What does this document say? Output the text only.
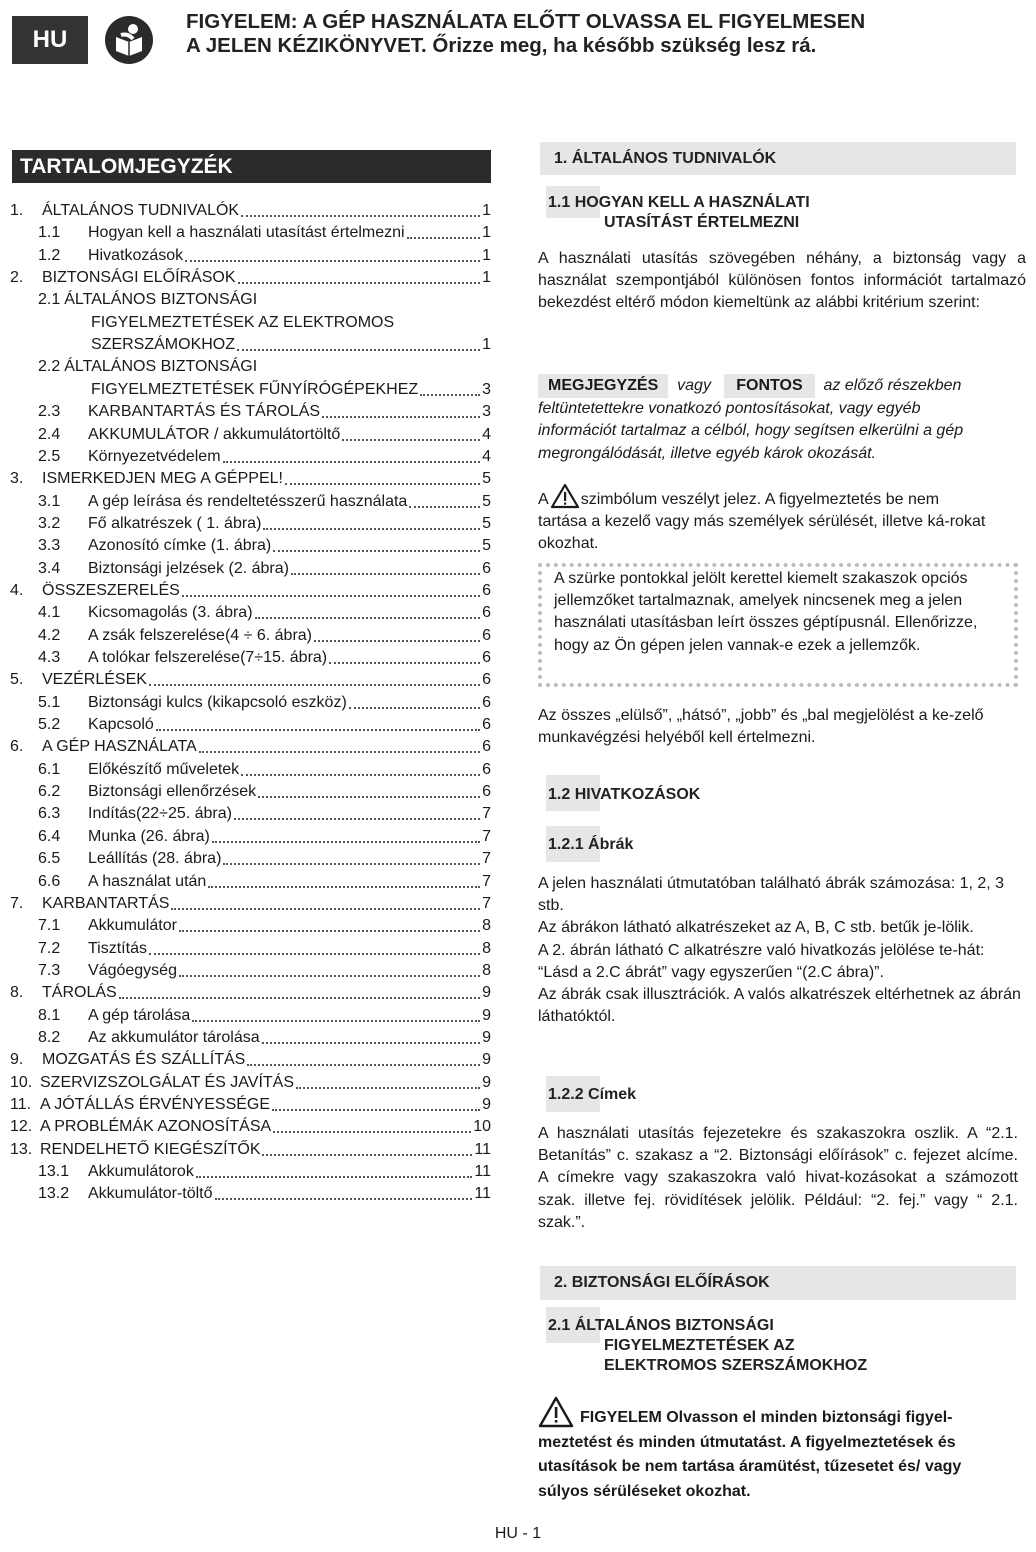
HU
FIGYELEM: A GÉP HASZNÁLATA ELŐTT OLVASSA EL FIGYELMESEN
A JELEN KÉZIKÖNYVET. Őrizze meg, ha később szükség lesz rá.
TARTALOMJEGYZÉK
1.	ÁLTALÁNOS TUDNIVALÓK	1
1.1	Hogyan kell a használati utasítást értelmezni	1
1.2	Hivatkozások	1
2.	BIZTONSÁGI ELŐÍRÁSOK	1
2.1 ÁLTALÁNOS BIZTONSÁGI
FIGYELMEZTETÉSEK AZ ELEKTROMOS
SZERSZÁMOKHOZ	1
2.2 ÁLTALÁNOS BIZTONSÁGI
FIGYELMEZTETÉSEK FŰNYÍRÓGÉPEKHEZ	3
2.3	KARBANTARTÁS ÉS TÁROLÁS	3
2.4	AKKUMULÁTOR / akkumulátortöltő	4
2.5	Környezetvédelem	4
3.	ISMERKEDJEN MEG A GÉPPEL!	5
3.1	A gép leírása és rendeltetésszerű használata	5
3.2	Fő alkatrészek ( 1. ábra)	5
3.3	Azonosító címke (1. ábra)	5
3.4	Biztonsági jelzések (2. ábra)	6
4.	ÖSSZESZERELÉS	6
4.1	Kicsomagolás (3. ábra)	6
4.2	A zsák felszerelése(4 ÷ 6. ábra)	6
4.3	A tolókar felszerelése(7÷15. ábra)	6
5.	VEZÉRLÉSEK	6
5.1	Biztonsági kulcs (kikapcsoló eszköz)	6
5.2	Kapcsoló	6
6.	A GÉP HASZNÁLATA	6
6.1	Előkészítő műveletek	6
6.2	Biztonsági ellenőrzések	6
6.3	Indítás(22÷25. ábra)	7
6.4	Munka (26. ábra)	7
6.5	Leállítás (28. ábra)	7
6.6	A használat után	7
7.	KARBANTARTÁS	7
7.1	Akkumulátor	8
7.2	Tisztítás	8
7.3	Vágóegység	8
8.	TÁROLÁS	9
8.1	A gép tárolása	9
8.2	Az akkumulátor tárolása	9
9.	MOZGATÁS ÉS SZÁLLÍTÁS	9
10. SZERVIZSZOLGÁLAT ÉS JAVÍTÁS	9
11. A JÓTÁLLÁS ÉRVÉNYESSÉGE	9
12. A PROBLÉMÁK AZONOSÍTÁSA	10
13. RENDELHETŐ KIEGÉSZÍTŐK	11
13.1	Akkumulátorok	11
13.2	Akkumulátor-töltő	11
1. ÁLTALÁNOS TUDNIVALÓK
1.1 HOGYAN KELL A HASZNÁLATI
UTASÍTÁST ÉRTELMEZNI
A használati utasítás szövegében néhány, a biztonság vagy a használat szempontjából különösen fontos információt tartalmazó bekezdést eltérő módon kiemeltünk az alábbi kritérium szerint:
MEGJEGYZÉS vagy FONTOS az előző részekben
feltüntetettekre vonatkozó pontosításokat, vagy egyéb információt tartalmaz a célból, hogy segítsen elkerülni a gép megrongálódását, illetve egyéb károk okozását.
A szimbólum veszélyt jelez. A figyelmeztetés be nem tartása a kezelő vagy más személyek sérülését, illetve ká-rokat okozhat.
A szürke pontokkal jelölt kerettel kiemelt szakaszok opciós jellemzőket tartalmaznak, amelyek nincsenek meg a jelen használati utasításban leírt összes géptípusnál. Ellenőrizze, hogy az Ön gépen jelen vannak-e ezek a jellemzők.
Az összes „elülső”, „hátsó”, „jobb” és „bal megjelölést a ke-zelő munkavégzési helyéből kell értelmezni.
1.2 HIVATKOZÁSOK
1.2.1 Ábrák
A jelen használati útmutatóban található ábrák számozása: 1, 2, 3 stb.
Az ábrákon látható alkatrészeket az A, B, C stb. betűk je-lölik.
A 2. ábrán látható C alkatrészre való hivatkozás jelölése te-hát: “Lásd a 2.C ábrát” vagy egyszerűen “(2.C ábra)”.
Az ábrák csak illusztrációk. A valós alkatrészek eltérhetnek az ábrán láthatóktól.
1.2.2 Címek
A használati utasítás fejezetekre és szakaszokra oszlik. A “2.1. Betanítás” c. szakasz a “2. Biztonsági előírások” c. fejezet alcíme. A címekre vagy szakaszokra való hivat-kozásokat a számozott szak. illetve fej. rövidítések jelölik. Például: “2. fej.” vagy “ 2.1. szak.”.
2. BIZTONSÁGI ELŐÍRÁSOK
2.1 ÁLTALÁNOS BIZTONSÁGI
FIGYELMEZTETÉSEK AZ
ELEKTROMOS SZERSZÁMOKHOZ
FIGYELEM Olvasson el minden biztonsági figyel-meztetést és minden útmutatást. A figyelmeztetések és utasítások be nem tartása áramütést, tűzesetet és/ vagy súlyos sérüléseket okozhat.
HU - 1
